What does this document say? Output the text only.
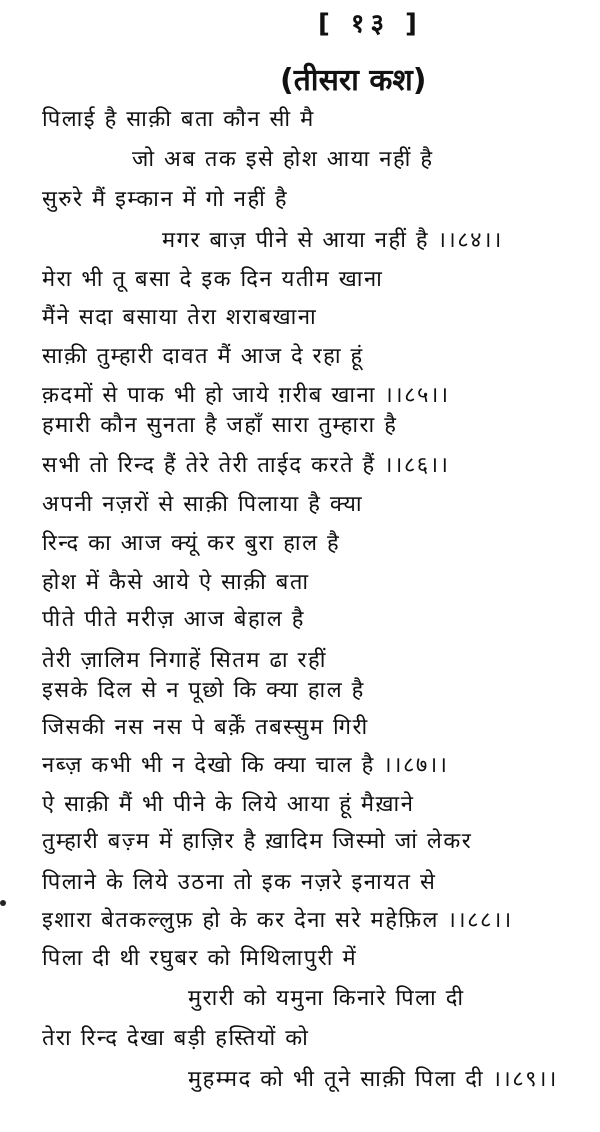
[ १३ ]
(तीसरा कश)
पिलाई है साक़ी बता कौन सी मै
जो अब तक इसे होश आया नहीं है
सुरुरे मैं इम्कान में गो नहीं है
मगर बाज़ पीने से आया नहीं है ।।८४।।
मेरा भी तू बसा दे इक दिन यतीम खाना
मैंने सदा बसाया तेरा शराबखाना
साक़ी तुम्हारी दावत मैं आज दे रहा हूं
क़दमों से पाक भी हो जाये ग़रीब खाना ।।८५।।
हमारी कौन सुनता है जहाँ सारा तुम्हारा है
सभी तो रिन्द हैं तेरे तेरी ताईद करते हैं ।।८६।।
अपनी नज़रों से साक़ी पिलाया है क्या
रिन्द का आज क्यूं कर बुरा हाल है
होश में कैसे आये ऐ साक़ी बता
पीते पीते मरीज़ आज बेहाल है
तेरी ज़ालिम निगाहें सितम ढा रहीं
इसके दिल से न पूछो कि क्या हाल है
जिसकी नस नस पे बर्क़ें तबस्सुम गिरी
नब्ज़ कभी भी न देखो कि क्या चाल है ।।८७।।
ऐ साक़ी मैं भी पीने के लिये आया हूं मैख़ाने
तुम्हारी बज़्म में हाज़िर है ख़ादिम जिस्मो जां लेकर
पिलाने के लिये उठना तो इक नज़रे इनायत से
इशारा बेतकल्लुफ़ हो के कर देना सरे महेफ़िल ।।८८।।
पिला दी थी रघुबर को मिथिलापुरी में
मुरारी को यमुना किनारे पिला दी
तेरा रिन्द देखा बड़ी हस्तियों को
मुहम्मद को भी तूने साक़ी पिला दी ।।८९।।
